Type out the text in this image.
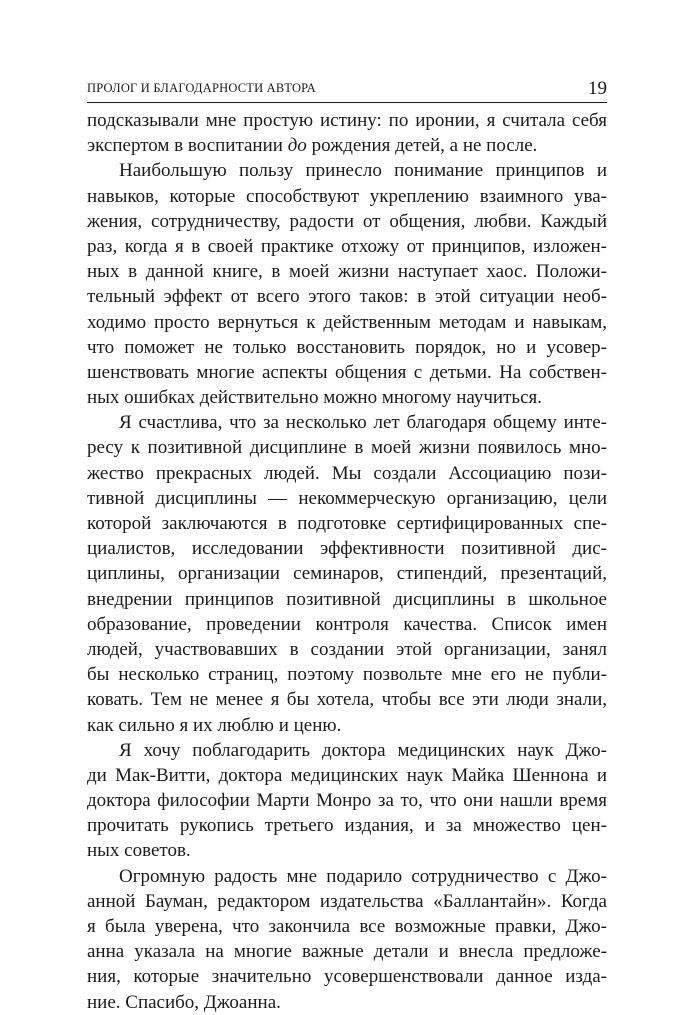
ПРОЛОГ И БЛАГОДАРНОСТИ АВТОРА	19
подсказывали мне простую истину: по иронии, я считала себя
экспертом в воспитании до рождения детей, а не после.
Наибольшую пользу принесло понимание принципов и
навыков, которые способствуют укреплению взаимного ува-
жения, сотрудничеству, радости от общения, любви. Каждый
раз, когда я в своей практике отхожу от принципов, изложен-
ных в данной книге, в моей жизни наступает хаос. Положи-
тельный эффект от всего этого таков: в этой ситуации необ-
ходимо просто вернуться к действенным методам и навыкам,
что поможет не только восстановить порядок, но и усовер-
шенствовать многие аспекты общения с детьми. На собствен-
ных ошибках действительно можно многому научиться.
Я счастлива, что за несколько лет благодаря общему инте-
ресу к позитивной дисциплине в моей жизни появилось мно-
жество прекрасных людей. Мы создали Ассоциацию пози-
тивной дисциплины — некоммерческую организацию, цели
которой заключаются в подготовке сертифицированных спе-
циалистов, исследовании эффективности позитивной дис-
циплины, организации семинаров, стипендий, презентаций,
внедрении принципов позитивной дисциплины в школьное
образование, проведении контроля качества. Список имен
людей, участвовавших в создании этой организации, занял
бы несколько страниц, поэтому позвольте мне его не публи-
ковать. Тем не менее я бы хотела, чтобы все эти люди знали,
как сильно я их люблю и ценю.
Я хочу поблагодарить доктора медицинских наук Джо-
ди Мак-Витти, доктора медицинских наук Майка Шеннона и
доктора философии Марти Монро за то, что они нашли время
прочитать рукопись третьего издания, и за множество цен-
ных советов.
Огромную радость мне подарило сотрудничество с Джо-
анной Бауман, редактором издательства «Баллантайн». Когда
я была уверена, что закончила все возможные правки, Джо-
анна указала на многие важные детали и внесла предложе-
ния, которые значительно усовершенствовали данное изда-
ние. Спасибо, Джоанна.
